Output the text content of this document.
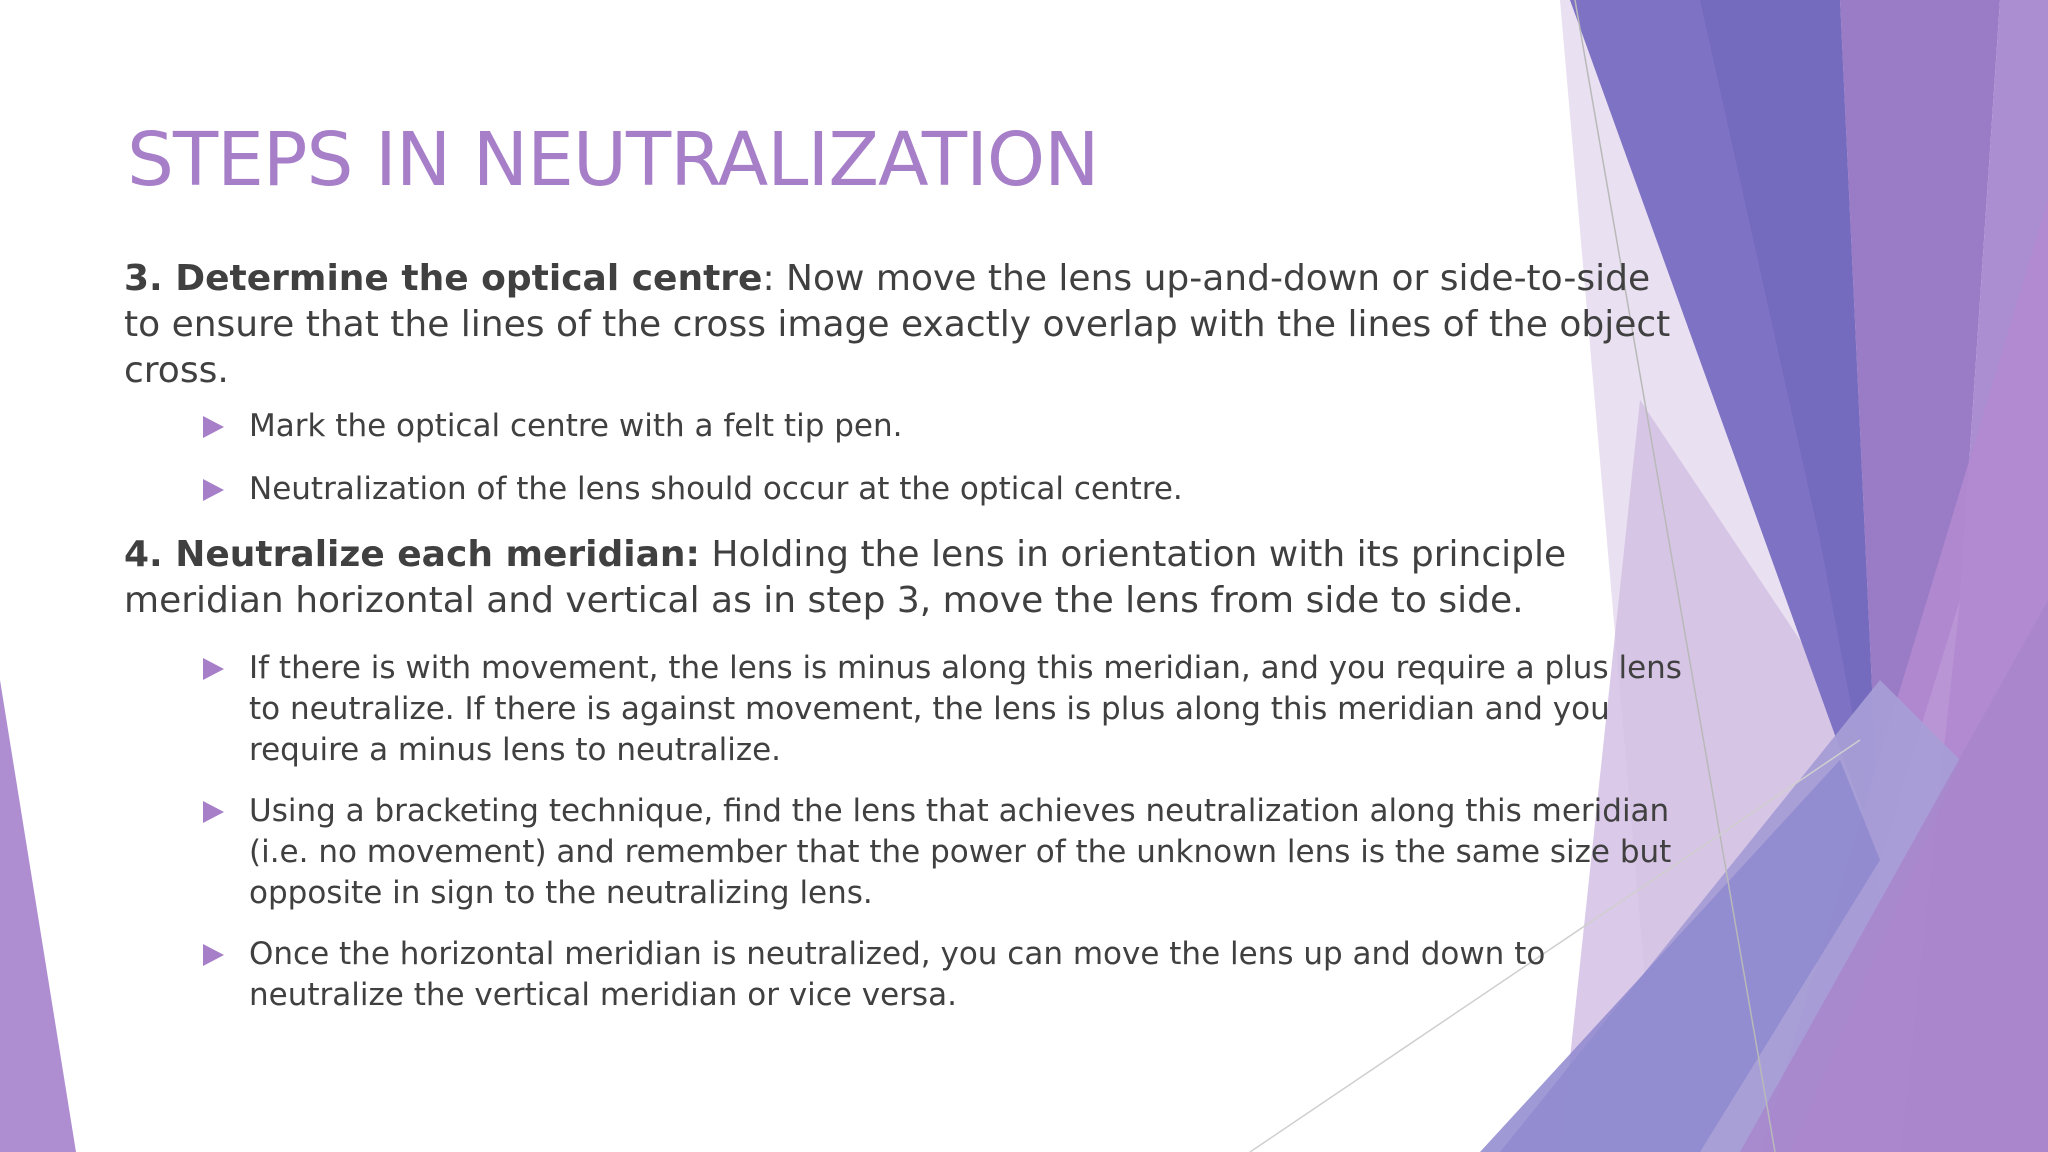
STEPS IN NEUTRALIZATION

3. Determine the optical centre: Now move the lens up-and-down or side-to-side to ensure that the lines of the cross image exactly overlap with the lines of the object cross.

Mark the optical centre with a felt tip pen.
Neutralization of the lens should occur at the optical centre.

4. Neutralize each meridian: Holding the lens in orientation with its principle meridian horizontal and vertical as in step 3, move the lens from side to side.

If there is with movement, the lens is minus along this meridian, and you require a plus lens to neutralize. If there is against movement, the lens is plus along this meridian and you require a minus lens to neutralize.
Using a bracketing technique, find the lens that achieves neutralization along this meridian (i.e. no movement) and remember that the power of the unknown lens is the same size but opposite in sign to the neutralizing lens.
Once the horizontal meridian is neutralized, you can move the lens up and down to neutralize the vertical meridian or vice versa.
